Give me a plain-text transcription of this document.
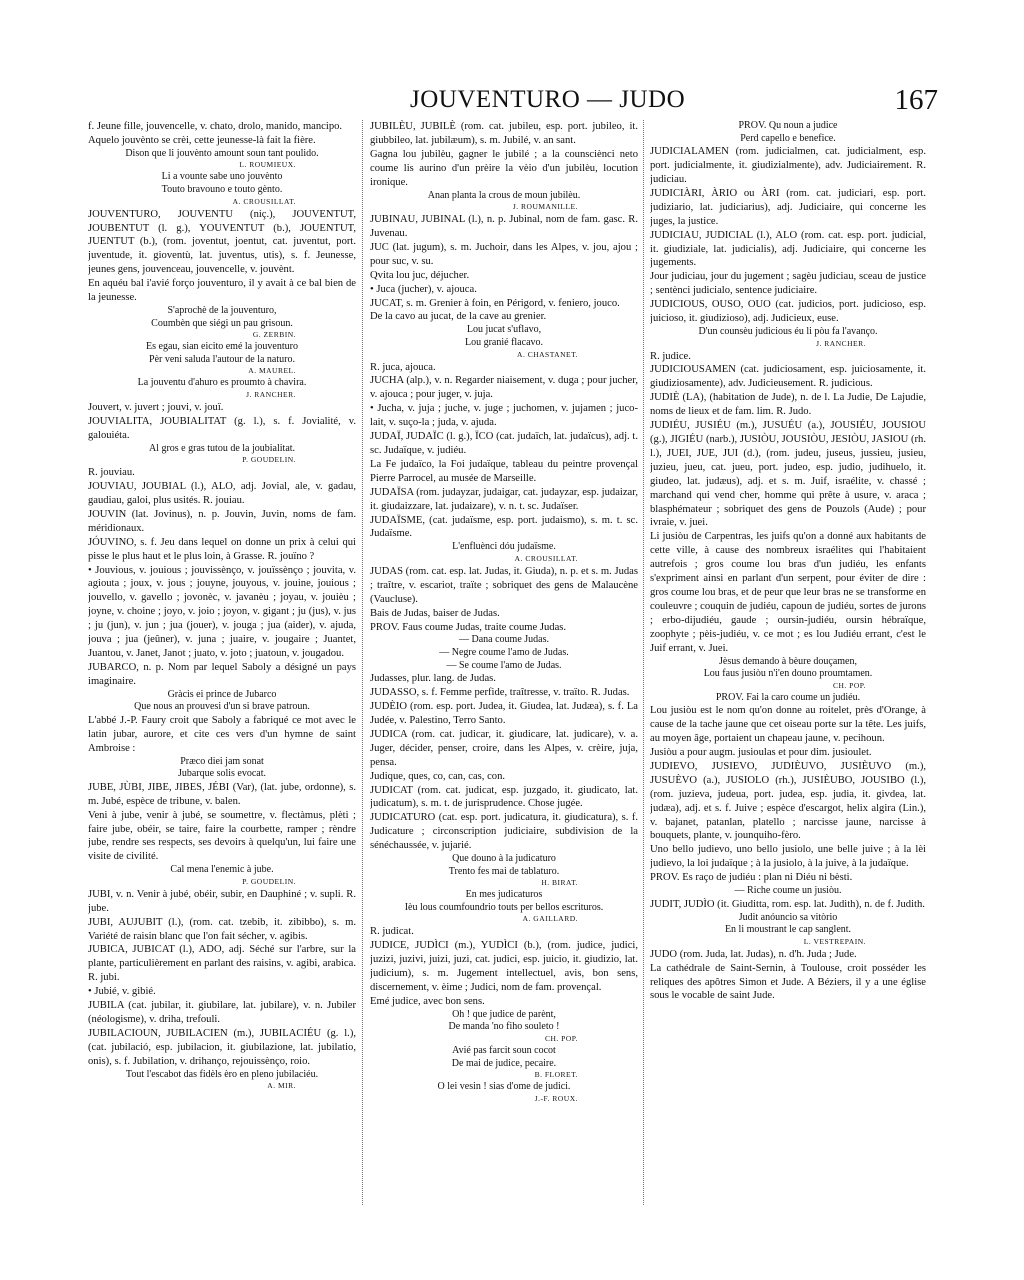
JOUVENTURO — JUDO	167

f. Jeune fille, jouvencelle, v. chato, drolo, manido, mancipo.

Aquelo jouvènto se crèi, cette jeunesse-là fait la fière.

Dison que li jouvènto amount soun tant poulido.

L. ROUMIEUX.

Li a vounte sabe uno jouvènto

Touto bravouno e touto gènto.

A. CROUSILLAT.

JOUVENTURO, JOUVENTU (niç.), JOUVENTUT, JOUBENTUT (l. g.), YOUVENTUT (b.), JOUENTUT, JUENTUT (b.), (rom. joventut, joentut, cat. juventut, port. juventude, it. gioventù, lat. juventus, utis), s. f. Jeunesse, jeunes gens, jouvenceau, jouvencelle, v. jouvènt.

En aquéu bal i'avié forço jouventuro, il y avait à ce bal bien de la jeunesse.

S'aprochè de la jouventuro,

Coumbèn que siégi un pau grisoun.

G. ZERBIN.

Es egau, sian eicito emé la jouventuro

Pèr veni saluda l'autour de la naturo.

A. MAUREL.

La jouventu d'ahuro es proumto à chavira.

J. RANCHER.

Jouvert, v. juvert ; jouvi, v. jouï.

JOUVIALITA, JOUBIALITAT (g. l.), s. f. Jovialité, v. galouiéta.

Al gros e gras tutou de la joubialitat.

P. GOUDELIN.

R. jouviau.

JOUVIAU, JOUBIAL (l.), ALO, adj. Jovial, ale, v. gadau, gaudiau, galoi, plus usités. R. jouiau.

JOUVIN (lat. Jovinus), n. p. Jouvin, Juvin, noms de fam. méridionaux.

JÓUVINO, s. f. Jeu dans lequel on donne un prix à celui qui pisse le plus haut et le plus loin, à Grasse. R. jouïno ?

• Jouvious, v. jouious ; jouvissènço, v. jouïssènço ; jouvita, v. agiouta ; joux, v. jous ; jouyne, jouyous, v. jouine, jouious ; jouvello, v. gavello ; jovonèc, v. javanèu ; joyau, v. jouièu ; joyne, v. choine ; joyo, v. joio ; joyon, v. gigant ; ju (jus), v. jus ; ju (jun), v. jun ; jua (jouer), v. jouga ; jua (aider), v. ajuda, jouva ; jua (jeûner), v. juna ; juaire, v. jougaire ; Juantet, Juantou, v. Janet, Janot ; juato, v. joto ; juatoun, v. jougadou.

JUBARCO, n. p. Nom par lequel Saboly a désigné un pays imaginaire.

Gràcis ei prince de Jubarco

Que nous an prouvesi d'un si brave patroun.

L'abbé J.-P. Faury croit que Saboly a fabriqué ce mot avec le latin jubar, aurore, et cite ces vers d'un hymne de saint Ambroise :

Præco diei jam sonat

Jubarque solis evocat.

JUBE, JÙBI, JIBE, JIBES, JÉBI (Var), (lat. jube, ordonne), s. m. Jubé, espèce de tribune, v. balen.

Veni à jube, venir à jubé, se soumettre, v. flectàmus, plèti ; faire jube, obéir, se taire, faire la courbette, ramper ; rèndre jube, rendre ses respects, ses devoirs à quelqu'un, lui faire une visite de civilité.

Cal mena l'enemic à jube.

P. GOUDELIN.

JUBI, v. n. Venir à jubé, obéir, subir, en Dauphiné ; v. supli. R. jube.

JUBI, AUJUBIT (l.), (rom. cat. tzebib, it. zibibbo), s. m. Variété de raisin blanc que l'on fait sécher, v. agibis.

JUBICA, JUBICAT (l.), ADO, adj. Séché sur l'arbre, sur la plante, particulièrement en parlant des raisins, v. agibi, arabica. R. jubi.

• Jubié, v. gibié.

JUBILA (cat. jubilar, it. giubilare, lat. jubilare), v. n. Jubiler (néologisme), v. driha, trefouli.

JUBILACIOUN, JUBILACIEN (m.), JUBILACIÉU (g. l.), (cat. jubilació, esp. jubilacion, it. giubilazione, lat. jubilatio, onis), s. f. Jubilation, v. drihanço, rejouissènço, roio.

Tout l'escabot das fidèls èro en pleno jubilaciéu.

A. MIR.

JUBILÈU, JUBILÈ (rom. cat. jubileu, esp. port. jubileo, it. giubbileo, lat. jubilæum), s. m. Jubilé, v. an sant.

Gagna lou jubilèu, gagner le jubilé ; a la counsciènci neto coume lis aurino d'un prèire la vèio d'un jubilèu, locution ironique.

Anan planta la crous de moun jubilèu.

J. ROUMANILLE.

JUBINAU, JUBINAL (l.), n. p. Jubinal, nom de fam. gasc. R. Juvenau.

JUC (lat. jugum), s. m. Juchoir, dans les Alpes, v. jou, ajou ; pour suc, v. su.

Qvita lou juc, déjucher.

• Juca (jucher), v. ajouca.

JUCAT, s. m. Grenier à foin, en Périgord, v. feniero, jouco.

De la cavo au jucat, de la cave au grenier.

Lou jucat s'uflavo,

Lou granié flacavo.

A. CHASTANET.

R. juca, ajouca.

JUCHA (alp.), v. n. Regarder niaisement, v. duga ; pour jucher, v. ajouca ; pour juger, v. juja.

• Jucha, v. juja ; juche, v. juge ; juchomen, v. jujamen ; juco-lait, v. suço-la ; juda, v. ajuda.

JUDAÏ, JUDAÏC (l. g.), ÏCO (cat. judaïch, lat. judaïcus), adj. t. sc. Judaïque, v. judiéu.

La Fe judaïco, la Foi judaïque, tableau du peintre provençal Pierre Parrocel, au musée de Marseille.

JUDAÏSA (rom. judayzar, judaigar, cat. judayzar, esp. judaizar, it. giudaizzare, lat. judaizare), v. n. t. sc. Judaïser.

JUDAÏSME, (cat. judaïsme, esp. port. judaismo), s. m. t. sc. Judaïsme.

L'enfluènci dóu judaïsme.

A. CROUSILLAT.

JUDAS (rom. cat. esp. lat. Judas, it. Giuda), n. p. et s. m. Judas ; traître, v. escariot, traïte ; sobriquet des gens de Malaucène (Vaucluse).

Bais de Judas, baiser de Judas.

PROV. Faus coume Judas, traite coume Judas.

— Dana coume Judas.

— Negre coume l'amo de Judas.

— Se coume l'amo de Judas.

Judasses, plur. lang. de Judas.

JUDASSO, s. f. Femme perfide, traîtresse, v. traïto. R. Judas.

JUDÈIO (rom. esp. port. Judea, it. Giudea, lat. Judæa), s. f. La Judée, v. Palestino, Terro Santo.

JUDICA (rom. cat. judicar, it. giudicare, lat. judicare), v. a. Juger, décider, penser, croire, dans les Alpes, v. crèire, juja, pensa.

Judique, ques, co, can, cas, con.

JUDICAT (rom. cat. judicat, esp. juzgado, it. giudicato, lat. judicatum), s. m. t. de jurisprudence. Chose jugée.

JUDICATURO (cat. esp. port. judicatura, it. giudicatura), s. f. Judicature ; circonscription judiciaire, subdivision de la sénéchaussée, v. jujarié.

Que douno à la judicaturo

Trento fes mai de tablaturo.

H. BIRAT.

En mes judicaturos

Ièu lous coumfoundrio touts per bellos escrituros.

A. GAILLARD.

R. judicat.

JUDICE, JUDÌCI (m.), YUDÌCI (b.), (rom. judice, judici, juzizi, juzivi, juizi, juzi, cat. judici, esp. juicio, it. giudizio, lat. judicium), s. m. Jugement intellectuel, avis, bon sens, discernement, v. èime ; Judici, nom de fam. provençal.

Emé judice, avec bon sens.

Oh ! que judice de parènt,

De manda 'no fiho souleto !

CH. POP.

Avié pas farcit soun cocot

De mai de judice, pecaire.

B. FLORET.

O lei vesin ! sias d'ome de judici.

J.-F. ROUX.

PROV. Qu noun a judice

Perd capello e benefice.

JUDICIALAMEN (rom. judicialmen, cat. judicialment, esp. port. judicialmente, it. giudizialmente), adv. Judiciairement. R. judiciau.

JUDICIÀRI, ÀRIO ou ÀRI (rom. cat. judiciari, esp. port. judiziario, lat. judiciarius), adj. Judiciaire, qui concerne les juges, la justice.

JUDICIAU, JUDICIAL (l.), ALO (rom. cat. esp. port. judicial, it. giudiziale, lat. judicialis), adj. Judiciaire, qui concerne les jugements.

Jour judiciau, jour du jugement ; sagèu judiciau, sceau de justice ; sentènci judicialo, sentence judiciaire.

JUDICIOUS, OUSO, OUO (cat. judicios, port. judicioso, esp. juicioso, it. giudizioso), adj. Judicieux, euse.

D'un counsèu judicious éu li pòu fa l'avanço.

J. RANCHER.

R. judice.

JUDICIOUSAMEN (cat. judiciosament, esp. juiciosamente, it. giudiziosamente), adv. Judicieusement. R. judicious.

JUDIÈ (LA), (habitation de Jude), n. de l. La Judie, De Lajudie, noms de lieux et de fam. lim. R. Judo.

JUDIÉU, JUSIÉU (m.), JUSUÉU (a.), JOUSIÉU, JOUSIOU (g.), JIGIÉU (narb.), JUSIÒU, JOUSIÒU, JESIÒU, JASIOU (rh. l.), JUEI, JUE, JUI (d.), (rom. judeu, juseus, jussieu, jusieu, juzieu, jueu, cat. jueu, port. judeo, esp. judio, judihuelo, it. giudeo, lat. judæus), adj. et s. m. Juif, israélite, v. chassé ; marchand qui vend cher, homme qui prête à usure, v. araca ; blasphémateur ; sobriquet des gens de Pouzols (Aude) ; pour ivraie, v. juei.

Li jusiòu de Carpentras, les juifs qu'on a donné aux habitants de cette ville, à cause des nombreux israélites qui l'habitaient autrefois ; gros coume lou bras d'un judiéu, les enfants s'expriment ainsi en parlant d'un serpent, pour éviter de dire : gros coume lou bras, et de peur que leur bras ne se transforme en couleuvre ; couquin de judiéu, capoun de judiéu, sortes de jurons ; erbo-dijudiéu, gaude ; oursin-judiéu, oursin hébraïque, zoophyte ; pèis-judiéu, v. ce mot ; es lou Judiéu errant, c'est le Juif errant, v. Juei.

Jèsus demando à bèure douçamen,

Lou faus jusiòu n'i'en douno proumtamen.

CH. POP.

PROV. Fai la caro coume un judiéu.

Lou jusiòu est le nom qu'on donne au roitelet, près d'Orange, à cause de la tache jaune que cet oiseau porte sur la tête. Les juifs, au moyen âge, portaient un chapeau jaune, v. pecihoun.

Jusiòu a pour augm. jusioulas et pour dim. jusioulet.

JUDIEVO, JUSIEVO, JUDIÈUVO, JUSIÈUVO (m.), JUSUÈVO (a.), JUSIOLO (rh.), JUSIÈUBO, JOUSIBO (l.), (rom. juzieva, judeua, port. judea, esp. judia, it. givdea, lat. judæa), adj. et s. f. Juive ; espèce d'escargot, helix algira (Lin.), v. bajanet, patanlan, platello ; narcisse jaune, narcisse à bouquets, plante, v. jounquiho-fèro.

Uno bello judievo, uno bello jusiolo, une belle juive ; à la lèi judievo, la loi judaïque ; à la jusiolo, à la juive, à la judaïque.

PROV. Es raço de judiéu : plan ni Diéu ni bèsti.

— Riche coume un jusiòu.

JUDIT, JUDÌO (it. Giuditta, rom. esp. lat. Judith), n. de f. Judith.

Judit anóuncio sa vitòrio

En li moustrant le cap sanglent.

L. VESTREPAIN.

JUDO (rom. Juda, lat. Judas), n. d'h. Juda ; Jude.

La cathédrale de Saint-Sernin, à Toulouse, croit posséder les reliques des apôtres Simon et Jude. A Béziers, il y a une église sous le vocable de saint Jude.
